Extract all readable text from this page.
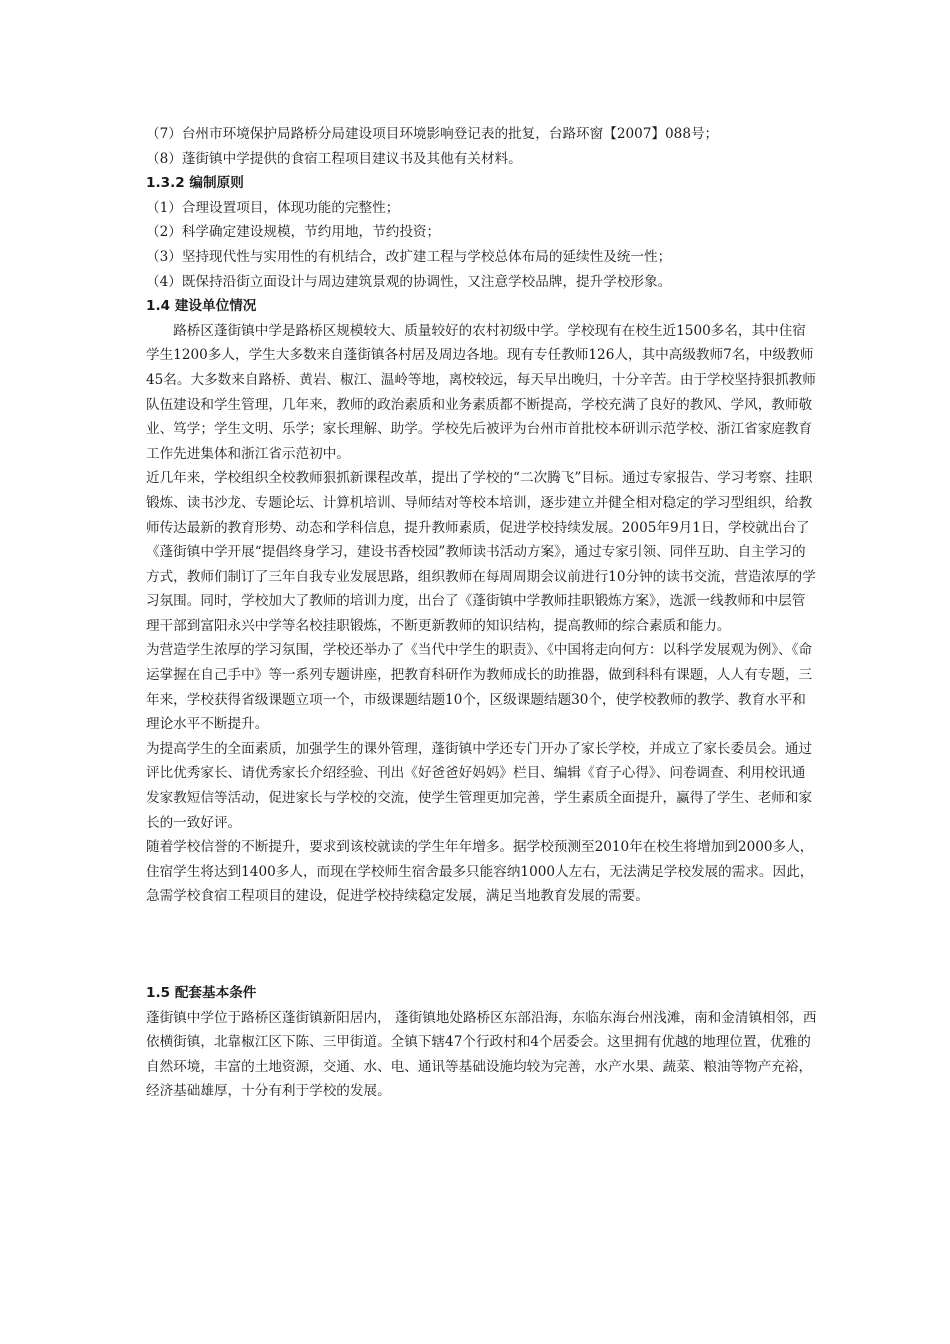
（7）台州市环境保护局路桥分局建设项目环境影响登记表的批复，台路环窗【2007】088号；

（8）蓬街镇中学提供的食宿工程项目建议书及其他有关材料。

1.3.2 编制原则

（1）合理设置项目，体现功能的完整性；

（2）科学确定建设规模，节约用地，节约投资；

（3）坚持现代性与实用性的有机结合，改扩建工程与学校总体布局的延续性及统一性；

（4）既保持沿街立面设计与周边建筑景观的协调性，又注意学校品牌，提升学校形象。

1.4 建设单位情况

路桥区蓬街镇中学是路桥区规模较大、质量较好的农村初级中学。学校现有在校生近1500多名，其中住宿学生1200多人，学生大多数来自蓬街镇各村居及周边各地。现有专任教师126人，其中高级教师7名，中级教师45名。大多数来自路桥、黄岩、椒江、温岭等地，离校较远，每天早出晚归，十分辛苦。由于学校坚持狠抓教师队伍建设和学生管理，几年来，教师的政治素质和业务素质都不断提高，学校充满了良好的教风、学风，教师敬业、笃学；学生文明、乐学；家长理解、助学。学校先后被评为台州市首批校本研训示范学校、浙江省家庭教育工作先进集体和浙江省示范初中。

近几年来，学校组织全校教师狠抓新课程改革，提出了学校的“二次腾飞”目标。通过专家报告、学习考察、挂职锻炼、读书沙龙、专题论坛、计算机培训、导师结对等校本培训，逐步建立并健全相对稳定的学习型组织，给教师传达最新的教育形势、动态和学科信息，提升教师素质，促进学校持续发展。2005年9月1日，学校就出台了《蓬街镇中学开展“提倡终身学习，建设书香校园”教师读书活动方案》，通过专家引领、同伴互助、自主学习的方式，教师们制订了三年自我专业发展思路，组织教师在每周周期会议前进行10分钟的读书交流，营造浓厚的学习氛围。同时，学校加大了教师的培训力度，出台了《蓬街镇中学教师挂职锻炼方案》，选派一线教师和中层管理干部到富阳永兴中学等名校挂职锻炼，不断更新教师的知识结构，提高教师的综合素质和能力。

为营造学生浓厚的学习氛围，学校还举办了《当代中学生的职责》、《中国将走向何方：以科学发展观为例》、《命运掌握在自己手中》等一系列专题讲座，把教育科研作为教师成长的助推器，做到科科有课题，人人有专题，三年来，学校获得省级课题立项一个，市级课题结题10个，区级课题结题30个，使学校教师的教学、教育水平和理论水平不断提升。

为提高学生的全面素质，加强学生的课外管理，蓬街镇中学还专门开办了家长学校，并成立了家长委员会。通过评比优秀家长、请优秀家长介绍经验、刊出《好爸爸好妈妈》栏目、编辑《育子心得》、问卷调查、利用校讯通发家教短信等活动，促进家长与学校的交流，使学生管理更加完善，学生素质全面提升，赢得了学生、老师和家长的一致好评。

随着学校信誉的不断提升，要求到该校就读的学生年年增多。据学校预测至2010年在校生将增加到2000多人，住宿学生将达到1400多人，而现在学校师生宿舍最多只能容纳1000人左右，无法满足学校发展的需求。因此，急需学校食宿工程项目的建设，促进学校持续稳定发展，满足当地教育发展的需要。

1.5 配套基本条件

蓬街镇中学位于路桥区蓬街镇新阳居内， 蓬街镇地处路桥区东部沿海，东临东海台州浅滩，南和金清镇相邻，西依横街镇，北靠椒江区下陈、三甲街道。全镇下辖47个行政村和4个居委会。这里拥有优越的地理位置，优雅的自然环境，丰富的土地资源，交通、水、电、通讯等基础设施均较为完善，水产水果、蔬菜、粮油等物产充裕，经济基础雄厚，十分有利于学校的发展。
